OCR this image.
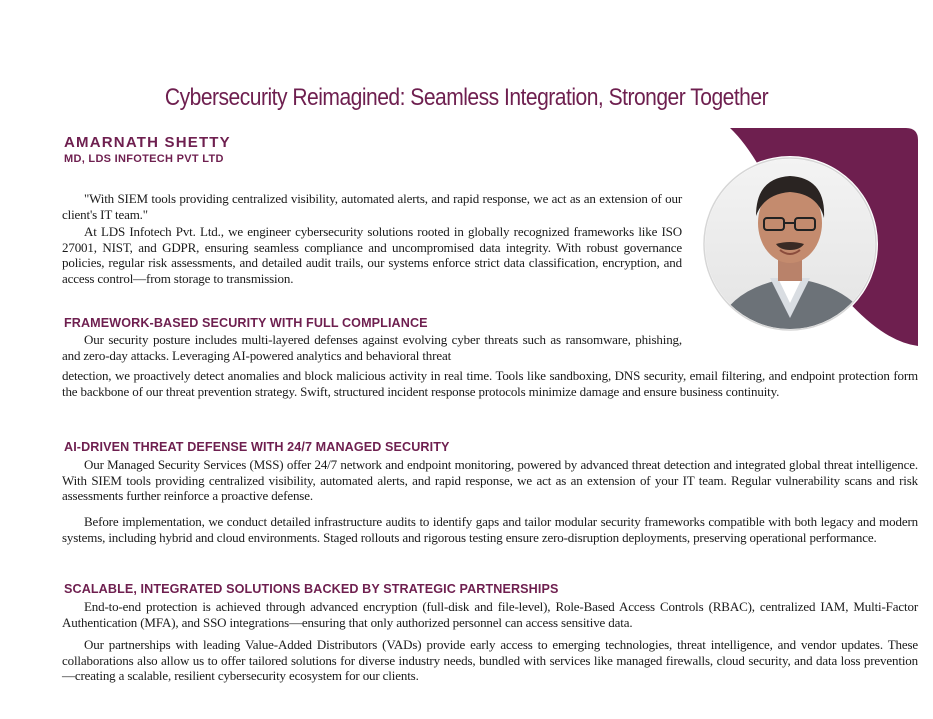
Cybersecurity Reimagined: Seamless Integration, Stronger Together
AMARNATH SHETTY
MD, LDS INFOTECH PVT LTD

"With SIEM tools providing centralized visibility, automated alerts, and rapid response, we act as an extension of our client's IT team."

At LDS Infotech Pvt. Ltd., we engineer cybersecurity solutions rooted in globally recognized frameworks like ISO 27001, NIST, and GDPR, ensuring seamless compliance and uncompromised data integrity. With robust governance policies, regular risk assessments, and detailed audit trails, our systems enforce strict data classification, encryption, and access control—from storage to transmission.

FRAMEWORK-BASED SECURITY WITH FULL COMPLIANCE

Our security posture includes multi-layered defenses against evolving cyber threats such as ransomware, phishing, and zero-day attacks. Leveraging AI-powered analytics and behavioral threat

detection, we proactively detect anomalies and block malicious activity in real time. Tools like sandboxing, DNS security, email filtering, and endpoint protection form the backbone of our threat prevention strategy. Swift, structured incident response protocols minimize damage and ensure business continuity.

AI-DRIVEN THREAT DEFENSE WITH 24/7 MANAGED SECURITY

Our Managed Security Services (MSS) offer 24/7 network and endpoint monitoring, powered by advanced threat detection and integrated global threat intelligence. With SIEM tools providing centralized visibility, automated alerts, and rapid response, we act as an extension of your IT team. Regular vulnerability scans and risk assessments further reinforce a proactive defense.

Before implementation, we conduct detailed infrastructure audits to identify gaps and tailor modular security frameworks compatible with both legacy and modern systems, including hybrid and cloud environments. Staged rollouts and rigorous testing ensure zero-disruption deployments, preserving operational performance.

SCALABLE, INTEGRATED SOLUTIONS BACKED BY STRATEGIC PARTNERSHIPS

End-to-end protection is achieved through advanced encryption (full-disk and file-level), Role-Based Access Controls (RBAC), centralized IAM, Multi-Factor Authentication (MFA), and SSO integrations—ensuring that only authorized personnel can access sensitive data.

Our partnerships with leading Value-Added Distributors (VADs) provide early access to emerging technologies, threat intelligence, and vendor updates. These collaborations also allow us to offer tailored solutions for diverse industry needs, bundled with services like managed firewalls, cloud security, and data loss prevention—creating a scalable, resilient cybersecurity ecosystem for our clients.
